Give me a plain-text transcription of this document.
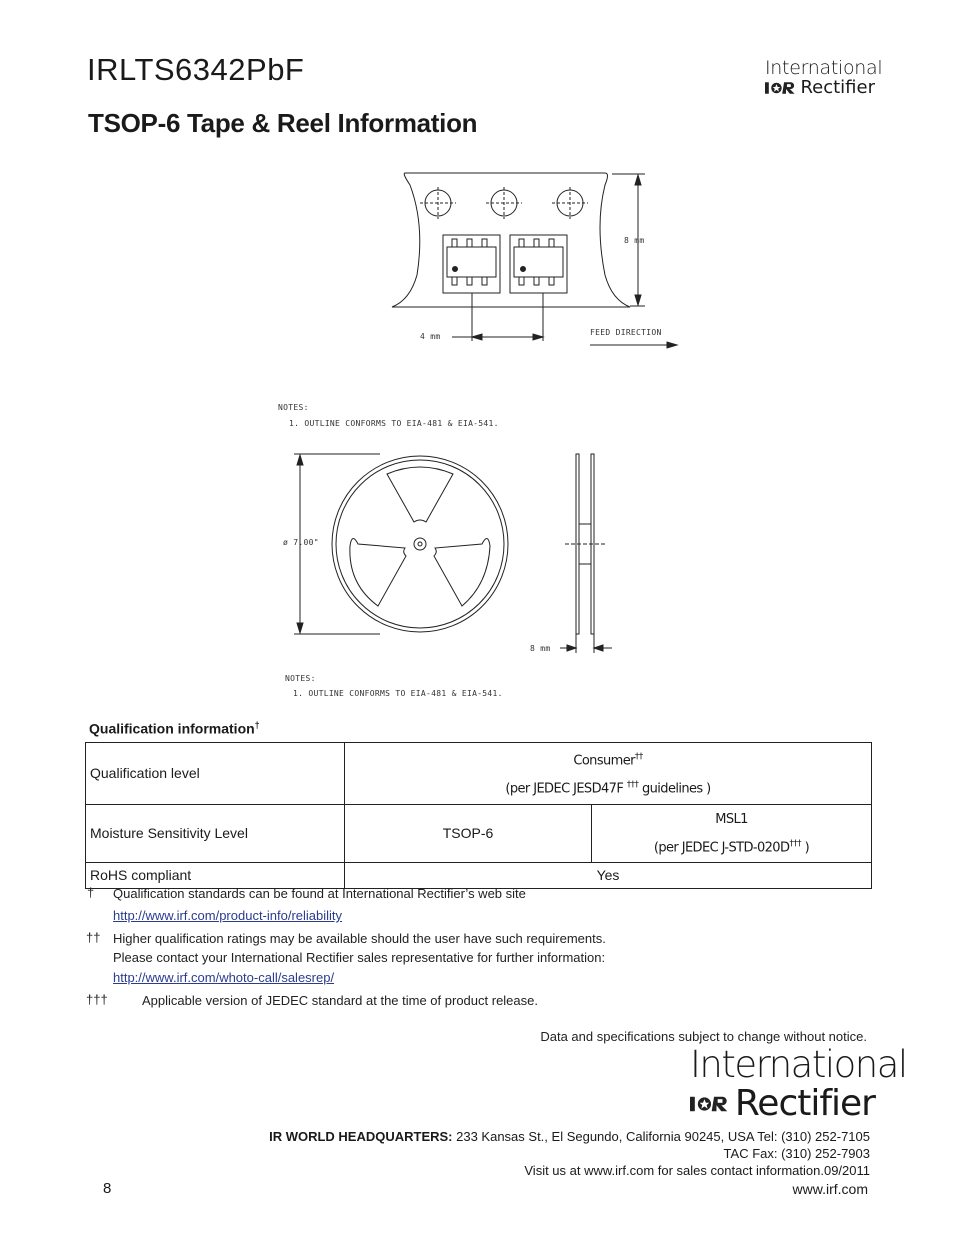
IRLTS6342PbF	International
Rectifier
TSOP-6 Tape & Reel Information
8 mm
4 mm	FEED DIRECTION
NOTES:
1. OUTLINE CONFORMS TO EIA-481 & EIA-541.
ø 7.00"
8 mm
NOTES:
1. OUTLINE CONFORMS TO EIA-481 & EIA-541.
Qualification information†
Qualification level	Consumer††
(per JEDEC JESD47F ††† guidelines )	

Moisture Sensitivity Level	TSOP-6	MSL1
(per JEDEC J-STD-020D††† )

RoHS compliant	Yes	
† Qualification standards can be found at International Rectifier’s web site
http://www.irf.com/product-info/reliability
†† Higher qualification ratings may be available should the user have such requirements.
Please contact your International Rectifier sales representative for further information:
http://www.irf.com/whoto-call/salesrep/
†††	Applicable version of JEDEC standard at the time of product release.
Data and specifications subject to change without notice.
International
Rectifier
IR WORLD HEADQUARTERS: 233 Kansas St., El Segundo, California 90245, USA Tel: (310) 252-7105
TAC Fax: (310) 252-7903
Visit us at www.irf.com for sales contact information.09/2011
8	www.irf.com
